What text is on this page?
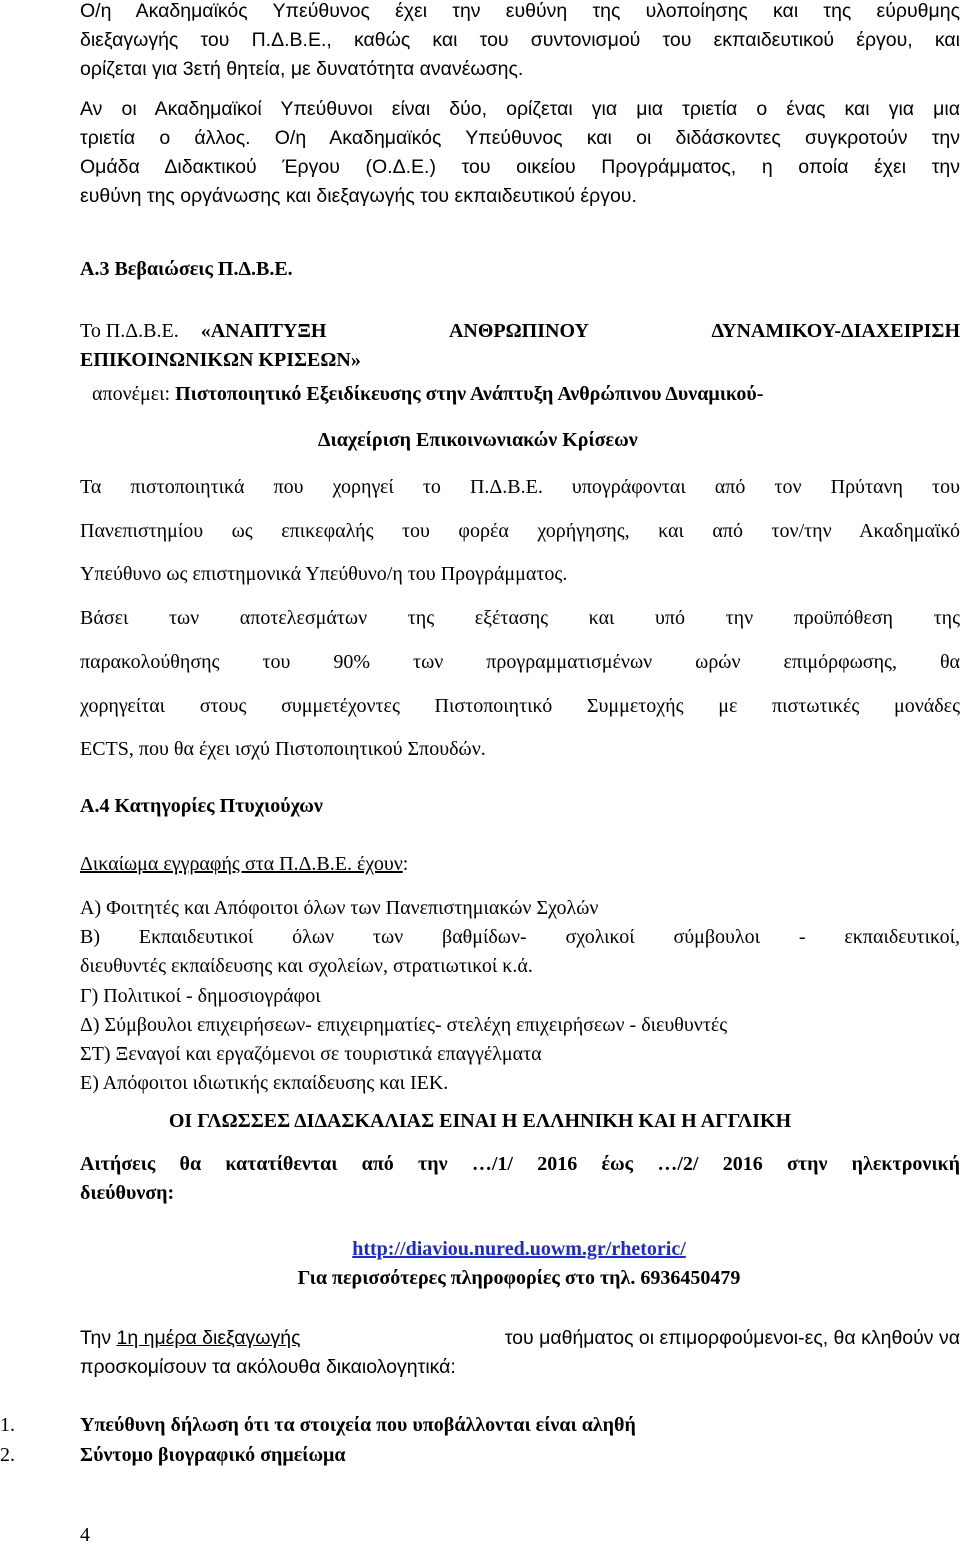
Ο/η Ακαδημαϊκός Υπεύθυνος έχει την ευθύνη της υλοποίησης και της εύρυθμης

διεξαγωγής του Π.Δ.Β.Ε., καθώς και του συντονισμού του εκπαιδευτικού έργου, και

ορίζεται για 3ετή θητεία, με δυνατότητα ανανέωσης.

Αν οι Ακαδημαϊκοί Υπεύθυνοι είναι δύο, ορίζεται για μια τριετία ο ένας και για μια

τριετία ο άλλος. Ο/η Ακαδημαϊκός Υπεύθυνος και οι διδάσκοντες συγκροτούν την

Ομάδα Διδακτικού Έργου (Ο.Δ.Ε.) του οικείου Προγράμματος, η οποία έχει την

ευθύνη της οργάνωσης και διεξαγωγής του εκπαιδευτικού έργου.

Α.3 Βεβαιώσεις Π.Δ.Β.Ε.

Το Π.Δ.Β.Ε. «ΑΝΑΠΤΥΞΗ ΑΝΘΡΩΠΙΝΟΥ ΔΥΝΑΜΙΚΟΥ-ΔΙΑΧΕΙΡΙΣΗ

ΕΠΙΚΟΙΝΩΝΙΚΩΝ ΚΡΙΣΕΩΝ»

απονέμει: Πιστοποιητικό Εξειδίκευσης στην Ανάπτυξη Ανθρώπινου Δυναμικού-

Διαχείριση Επικοινωνιακών Κρίσεων

Τα πιστοποιητικά που χορηγεί το Π.Δ.Β.Ε. υπογράφονται από τον Πρύτανη του

Πανεπιστημίου ως επικεφαλής του φορέα χορήγησης, και από τον/την Ακαδημαϊκό

Υπεύθυνο ως επιστημονικά Υπεύθυνο/η του Προγράμματος.

Βάσει των αποτελεσμάτων της εξέτασης και υπό την προϋπόθεση της

παρακολούθησης του 90% των προγραμματισμένων ωρών επιμόρφωσης, θα

χορηγείται στους συμμετέχοντες Πιστοποιητικό Συμμετοχής με πιστωτικές μονάδες

ECTS, που θα έχει ισχύ Πιστοποιητικού Σπουδών.

Α.4 Κατηγορίες Πτυχιούχων

Δικαίωμα εγγραφής στα Π.Δ.Β.Ε. έχουν:

Α) Φοιτητές και Απόφοιτοι όλων των Πανεπιστημιακών Σχολών

Β) Εκπαιδευτικοί όλων των βαθμίδων- σχολικοί σύμβουλοι - εκπαιδευτικοί,

διευθυντές εκπαίδευσης και σχολείων, στρατιωτικοί κ.ά.

Γ) Πολιτικοί - δημοσιογράφοι

Δ) Σύμβουλοι επιχειρήσεων- επιχειρηματίες- στελέχη επιχειρήσεων - διευθυντές

ΣΤ) Ξεναγοί και εργαζόμενοι σε τουριστικά επαγγέλματα

Ε) Απόφοιτοι ιδιωτικής εκπαίδευσης και ΙΕΚ.

ΟΙ ΓΛΩΣΣΕΣ ΔΙΔΑΣΚΑΛΙΑΣ ΕΙΝΑΙ Η ΕΛΛΗΝΙΚΗ ΚΑΙ Η ΑΓΓΛΙΚΗ

Αιτήσεις θα κατατίθενται από την …/1/ 2016 έως …/2/ 2016 στην ηλεκτρονική

διεύθυνση:

http://diaviou.nured.uowm.gr/rhetoric/

Για περισσότερες πληροφορίες στο τηλ. 6936450479

Την 1η ημέρα διεξαγωγής	του μαθήματος οι επιμορφούμενοι-ες, θα κληθούν να

προσκομίσουν τα ακόλουθα δικαιολογητικά:

1.	Υπεύθυνη δήλωση ότι τα στοιχεία που υποβάλλονται είναι αληθή

2.	Σύντομο βιογραφικό σημείωμα

4
